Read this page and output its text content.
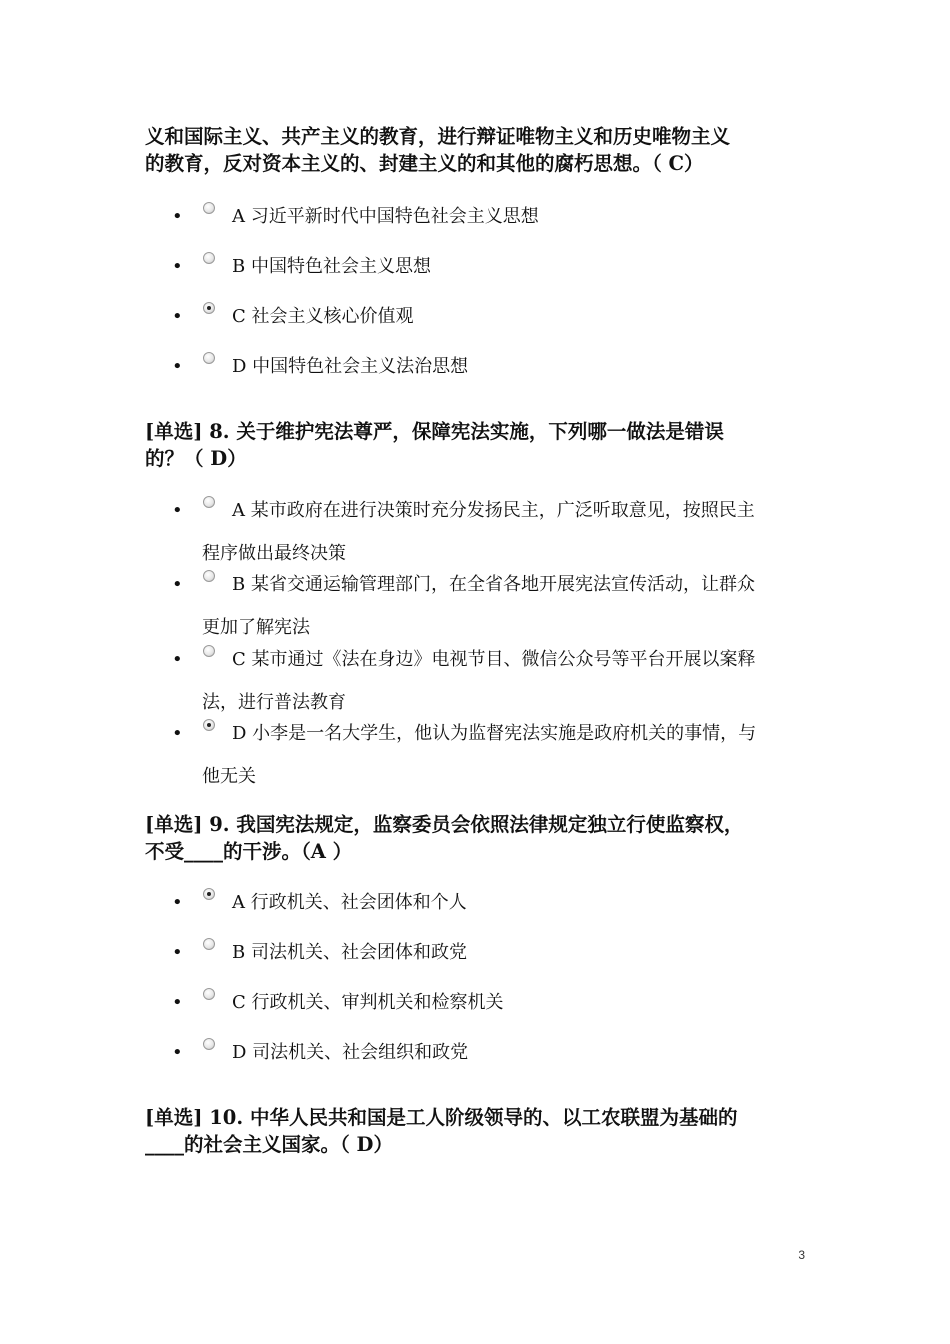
义和国际主义、共产主义的教育，进行辩证唯物主义和历史唯物主义
的教育，反对资本主义的、封建主义的和其他的腐朽思想。（ C）
•	A 习近平新时代中国特色社会主义思想
•	B 中国特色社会主义思想
•	C 社会主义核心价值观
•	D 中国特色社会主义法治思想
[单选] 8. 关于维护宪法尊严，保障宪法实施，下列哪一做法是错误
的？（ D）
•	A 某市政府在进行决策时充分发扬民主，广泛听取意见，按照民主
程序做出最终决策
•	B 某省交通运输管理部门，在全省各地开展宪法宣传活动，让群众
更加了解宪法
•	C 某市通过《法在身边》电视节目、微信公众号等平台开展以案释
法，进行普法教育
•	D 小李是一名大学生，他认为监督宪法实施是政府机关的事情，与
他无关
[单选] 9. 我国宪法规定，监察委员会依照法律规定独立行使监察权，
不受____的干涉。（A ）
•	A 行政机关、社会团体和个人
•	B 司法机关、社会团体和政党
•	C 行政机关、审判机关和检察机关
•	D 司法机关、社会组织和政党
[单选] 10. 中华人民共和国是工人阶级领导的、以工农联盟为基础的
____的社会主义国家。（ D）
3
